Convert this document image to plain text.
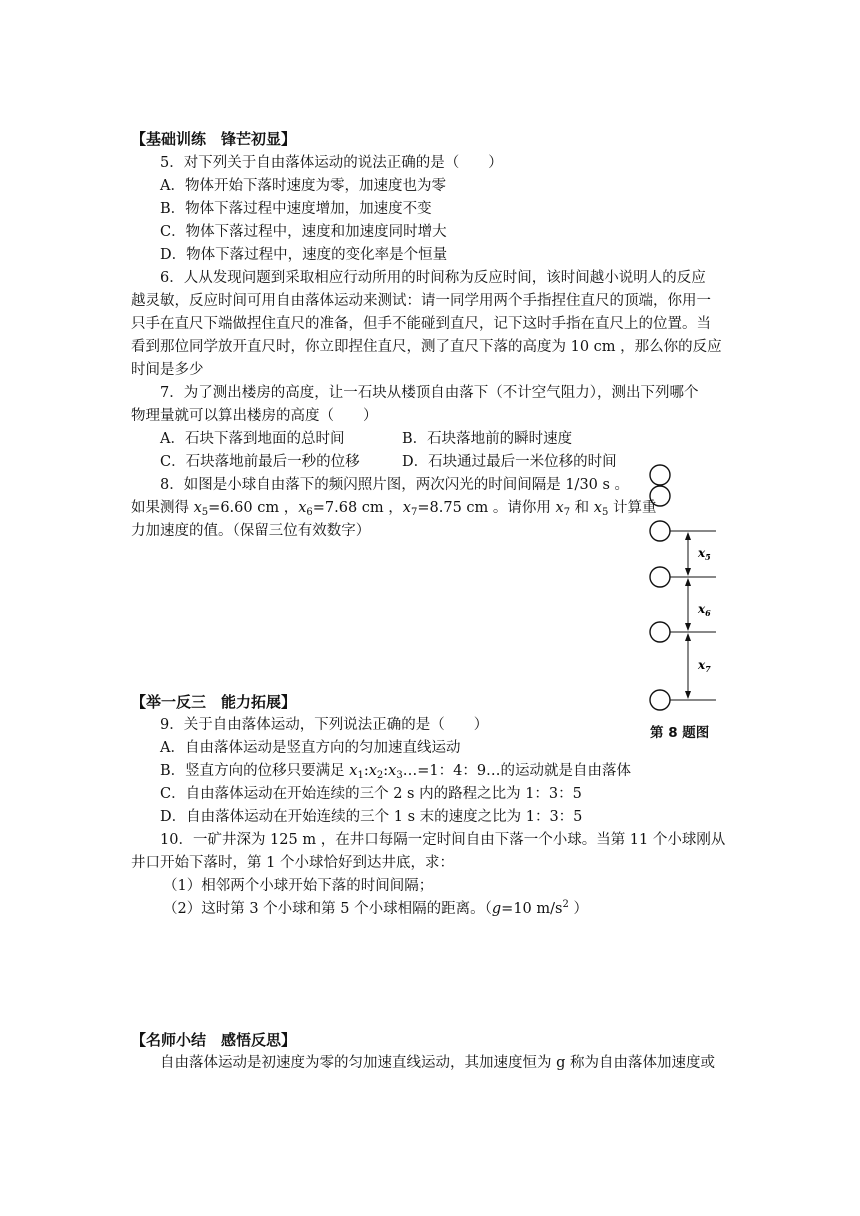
【基础训练　锋芒初显】
5．对下列关于自由落体运动的说法正确的是（　　）
A．物体开始下落时速度为零，加速度也为零
B．物体下落过程中速度增加，加速度不变
C．物体下落过程中，速度和加速度同时增大
D．物体下落过程中，速度的变化率是个恒量
6．人从发现问题到采取相应行动所用的时间称为反应时间，该时间越小说明人的反应
越灵敏，反应时间可用自由落体运动来测试：请一同学用两个手指捏住直尺的顶端，你用一
只手在直尺下端做捏住直尺的准备，但手不能碰到直尺，记下这时手指在直尺上的位置。当
看到那位同学放开直尺时，你立即捏住直尺，测了直尺下落的高度为 10 cm ，那么你的反应
时间是多少
7．为了测出楼房的高度，让一石块从楼顶自由落下（不计空气阻力），测出下列哪个
物理量就可以算出楼房的高度（　　）
A．石块下落到地面的总时间	B．石块落地前的瞬时速度
C．石块落地前最后一秒的位移	D．石块通过最后一米位移的时间
8．如图是小球自由落下的频闪照片图，两次闪光的时间间隔是 1/30 s 。
如果测得 $x_5=6.60$ cm ，$x_6=7.68$ cm ，$x_7=8.75$ cm 。请你用 $x_7$ 和 $x_5$ 计算重
力加速度的值。（保留三位有效数字）
$x_5$
$x_6$
$x_7$
第 8 题图
【举一反三　能力拓展】
9．关于自由落体运动，下列说法正确的是（　　）
A．自由落体运动是竖直方向的匀加速直线运动
B．竖直方向的位移只要满足 $x_1:x_2:x_3\dots=1$：4：9…的运动就是自由落体
C．自由落体运动在开始连续的三个 2 s 内的路程之比为 1：3：5
D．自由落体运动在开始连续的三个 1 s 末的速度之比为 1：3：5
10．一矿井深为 125 m ，在井口每隔一定时间自由下落一个小球。当第 11 个小球刚从
井口开始下落时，第 1 个小球恰好到达井底，求：
（1）相邻两个小球开始下落的时间间隔；
（2）这时第 3 个小球和第 5 个小球相隔的距离。（g=10 $m/s^2$ ）
【名师小结　感悟反思】
自由落体运动是初速度为零的匀加速直线运动，其加速度恒为 g 称为自由落体加速度或
